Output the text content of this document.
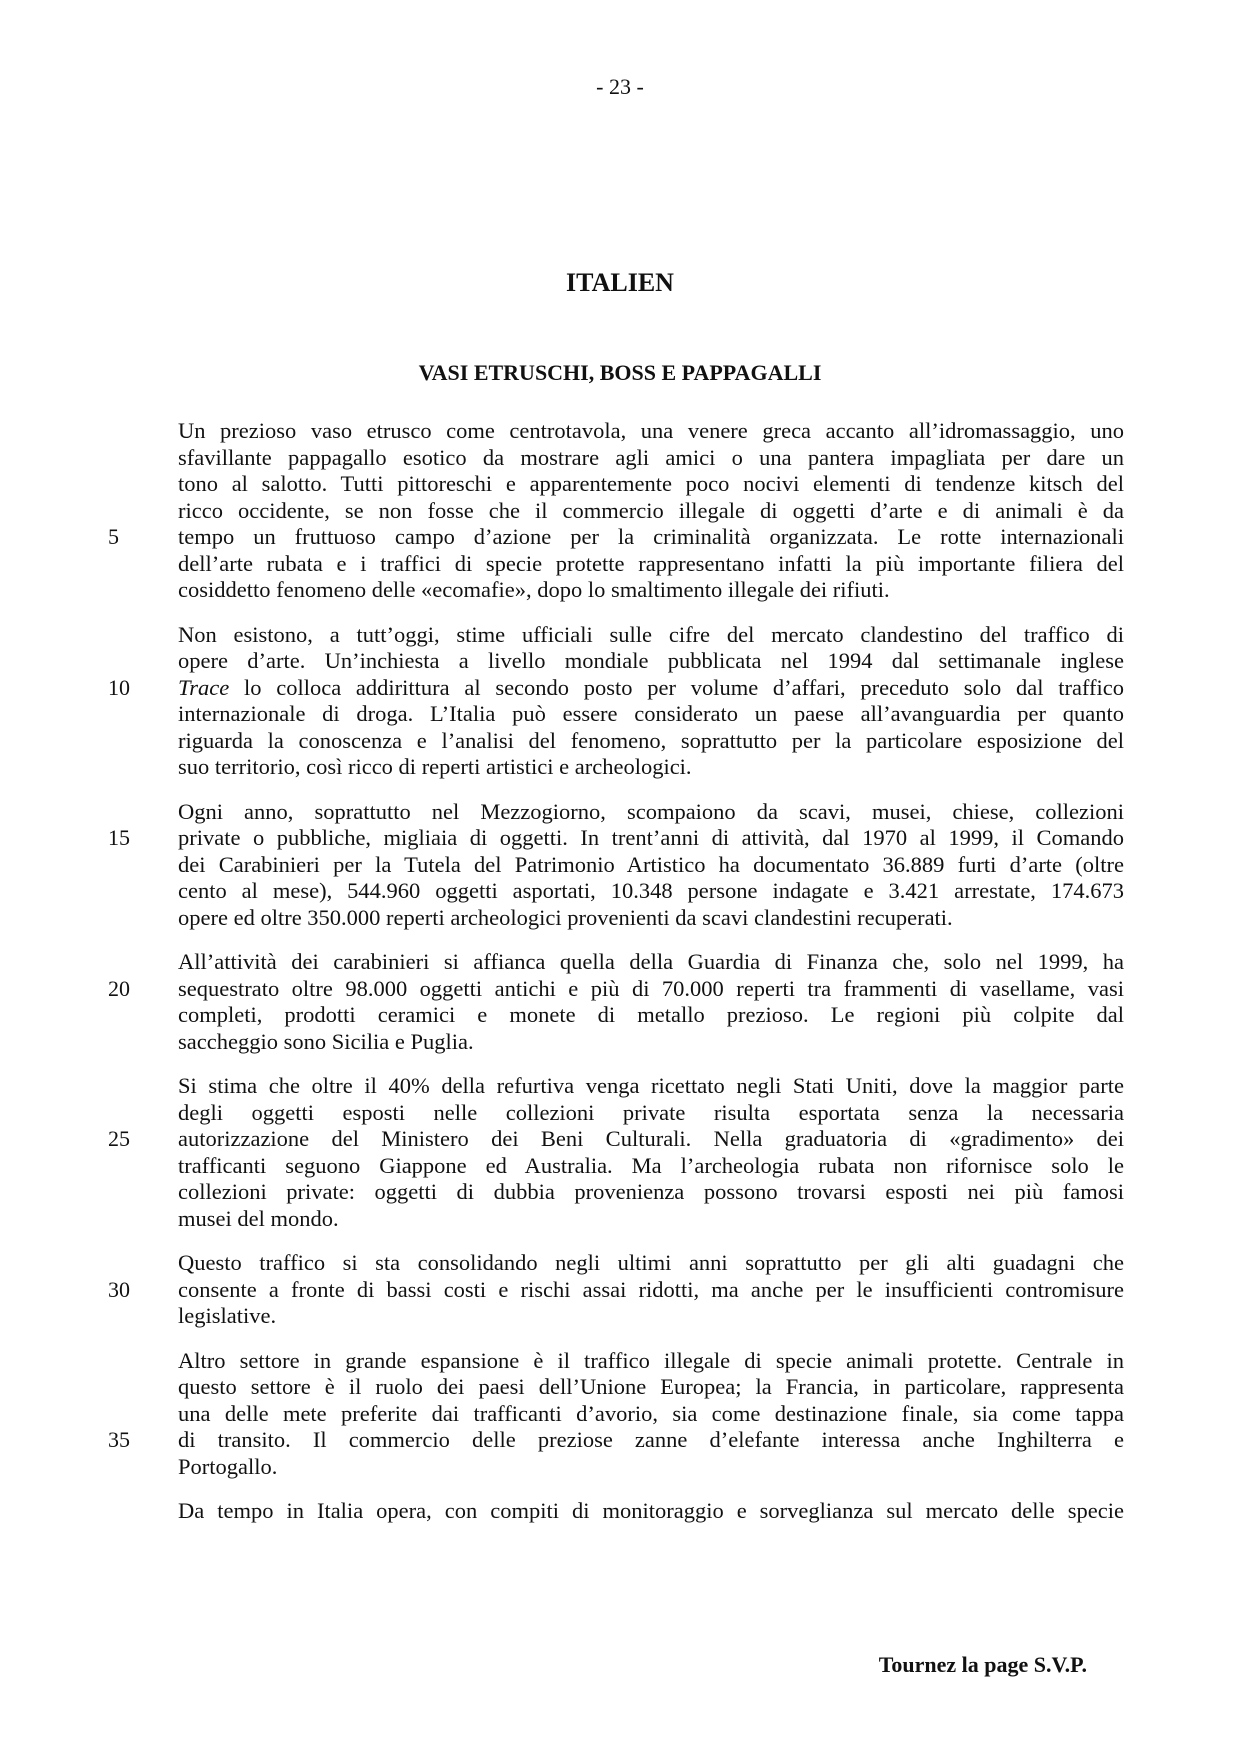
- 23 -
ITALIEN
VASI ETRUSCHI, BOSS E PAPPAGALLI

Un prezioso vaso etrusco come centrotavola, una venere greca accanto all’idromassaggio, uno
sfavillante pappagallo esotico da mostrare agli amici o una pantera impagliata per dare un
tono al salotto. Tutti pittoreschi e apparentemente poco nocivi elementi di tendenze kitsch del
ricco occidente, se non fosse che il commercio illegale di oggetti d’arte e di animali è da
5	tempo un fruttuoso campo d’azione per la criminalità organizzata. Le rotte internazionali
dell’arte rubata e i traffici di specie protette rappresentano infatti la più importante filiera del
cosiddetto fenomeno delle «ecomafie», dopo lo smaltimento illegale dei rifiuti.

Non esistono, a tutt’oggi, stime ufficiali sulle cifre del mercato clandestino del traffico di
opere d’arte. Un’inchiesta a livello mondiale pubblicata nel 1994 dal settimanale inglese
10	Trace lo colloca addirittura al secondo posto per volume d’affari, preceduto solo dal traffico
internazionale di droga. L’Italia può essere considerato un paese all’avanguardia per quanto
riguarda la conoscenza e l’analisi del fenomeno, soprattutto per la particolare esposizione del
suo territorio, così ricco di reperti artistici e archeologici.

Ogni anno, soprattutto nel Mezzogiorno, scompaiono da scavi, musei, chiese, collezioni
15	private o pubbliche, migliaia di oggetti. In trent’anni di attività, dal 1970 al 1999, il Comando
dei Carabinieri per la Tutela del Patrimonio Artistico ha documentato 36.889 furti d’arte (oltre
cento al mese), 544.960 oggetti asportati, 10.348 persone indagate e 3.421 arrestate, 174.673
opere ed oltre 350.000 reperti archeologici provenienti da scavi clandestini recuperati.

All’attività dei carabinieri si affianca quella della Guardia di Finanza che, solo nel 1999, ha
20	sequestrato oltre 98.000 oggetti antichi e più di 70.000 reperti tra frammenti di vasellame, vasi
completi, prodotti ceramici e monete di metallo prezioso. Le regioni più colpite dal
saccheggio sono Sicilia e Puglia.

Si stima che oltre il 40% della refurtiva venga ricettato negli Stati Uniti, dove la maggior parte
degli oggetti esposti nelle collezioni private risulta esportata senza la necessaria
25	autorizzazione del Ministero dei Beni Culturali. Nella graduatoria di «gradimento» dei
trafficanti seguono Giappone ed Australia. Ma l’archeologia rubata non rifornisce solo le
collezioni private: oggetti di dubbia provenienza possono trovarsi esposti nei più famosi
musei del mondo.

Questo traffico si sta consolidando negli ultimi anni soprattutto per gli alti guadagni che
30	consente a fronte di bassi costi e rischi assai ridotti, ma anche per le insufficienti contromisure
legislative.

Altro settore in grande espansione è il traffico illegale di specie animali protette. Centrale in
questo settore è il ruolo dei paesi dell’Unione Europea; la Francia, in particolare, rappresenta
una delle mete preferite dai trafficanti d’avorio, sia come destinazione finale, sia come tappa
35	di transito. Il commercio delle preziose zanne d’elefante interessa anche Inghilterra e
Portogallo.

Da tempo in Italia opera, con compiti di monitoraggio e sorveglianza sul mercato delle specie

Tournez la page S.V.P.
